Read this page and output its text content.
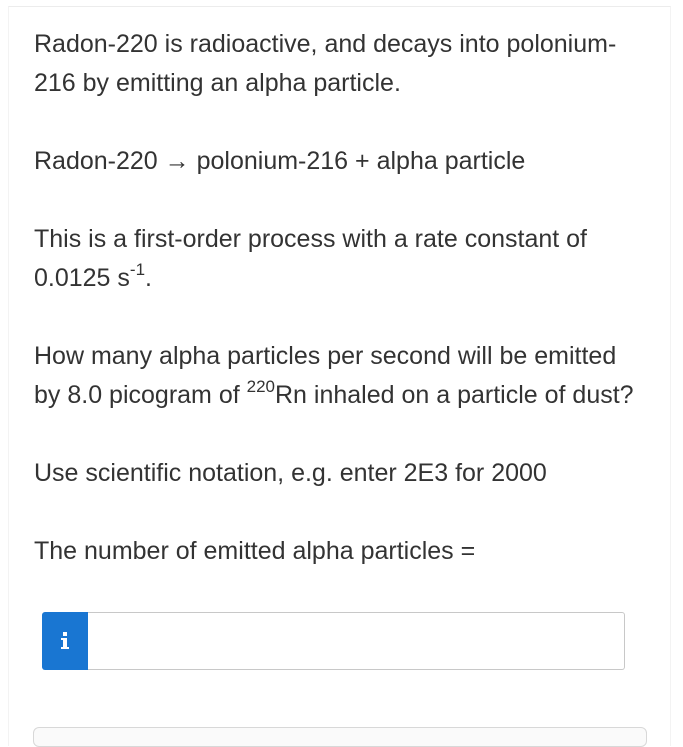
Radon-220 is radioactive, and decays into polonium-216 by emitting an alpha particle.

Radon-220 → polonium-216 + alpha particle

This is a first-order process with a rate constant of 0.0125 $s^{-1}$.

How many alpha particles per second will be emitted by 8.0 picogram of $^{220}$Rn inhaled on a particle of dust?

Use scientific notation, e.g. enter 2E3 for 2000

The number of emitted alpha particles =
